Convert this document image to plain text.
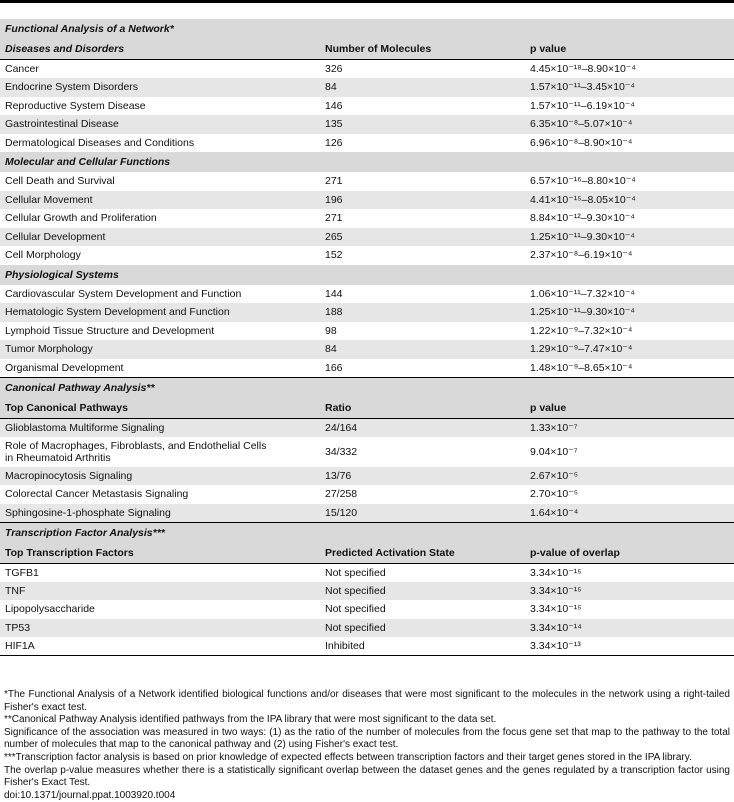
Functional Analysis of a Network*		
Diseases and Disorders	Number of Molecules	p value
Cancer	326	4.45×10⁻¹⁸–8.90×10⁻⁴
Endocrine System Disorders	84	1.57×10⁻¹¹–3.45×10⁻⁴
Reproductive System Disease	146	1.57×10⁻¹¹–6.19×10⁻⁴
Gastrointestinal Disease	135	6.35×10⁻⁸–5.07×10⁻⁴
Dermatological Diseases and Conditions	126	6.96×10⁻⁸–8.90×10⁻⁴
Molecular and Cellular Functions		
Cell Death and Survival	271	6.57×10⁻¹⁶–8.80×10⁻⁴
Cellular Movement	196	4.41×10⁻¹⁵–8.05×10⁻⁴
Cellular Growth and Proliferation	271	8.84×10⁻¹²–9.30×10⁻⁴
Cellular Development	265	1.25×10⁻¹¹–9.30×10⁻⁴
Cell Morphology	152	2.37×10⁻⁸–6.19×10⁻⁴
Physiological Systems		
Cardiovascular System Development and Function	144	1.06×10⁻¹¹–7.32×10⁻⁴
Hematologic System Development and Function	188	1.25×10⁻¹¹–9.30×10⁻⁴
Lymphoid Tissue Structure and Development	98	1.22×10⁻⁹–7.32×10⁻⁴
Tumor Morphology	84	1.29×10⁻⁹–7.47×10⁻⁴
Organismal Development	166	1.48×10⁻⁹–8.65×10⁻⁴
Canonical Pathway Analysis**		
Top Canonical Pathways	Ratio	p value
Glioblastoma Multiforme Signaling	24/164	1.33×10⁻⁷

Role of Macrophages, Fibroblasts, and Endothelial Cells
in Rheumatoid Arthritis	34/332	9.04×10⁻⁷
Macropinocytosis Signaling	13/76	2.67×10⁻⁵
Colorectal Cancer Metastasis Signaling	27/258	2.70×10⁻⁵
Sphingosine-1-phosphate Signaling	15/120	1.64×10⁻⁴
Transcription Factor Analysis***		
Top Transcription Factors	Predicted Activation State	p-value of overlap
TGFB1	Not specified	3.34×10⁻¹⁵
TNF	Not specified	3.34×10⁻¹⁵
Lipopolysaccharide	Not specified	3.34×10⁻¹⁵
TP53	Not specified	3.34×10⁻¹⁴
HIF1A	Inhibited	3.34×10⁻¹³
*The Functional Analysis of a Network identified biological functions and/or diseases that were most significant to the molecules in the network using a right-tailed Fisher's exact test.
**Canonical Pathway Analysis identified pathways from the IPA library that were most significant to the data set.
Significance of the association was measured in two ways: (1) as the ratio of the number of molecules from the focus gene set that map to the pathway to the total number of molecules that map to the canonical pathway and (2) using Fisher's exact test.
***Transcription factor analysis is based on prior knowledge of expected effects between transcription factors and their target genes stored in the IPA library.
The overlap p-value measures whether there is a statistically significant overlap between the dataset genes and the genes regulated by a transcription factor using Fisher's Exact Test.
doi:10.1371/journal.ppat.1003920.t004
